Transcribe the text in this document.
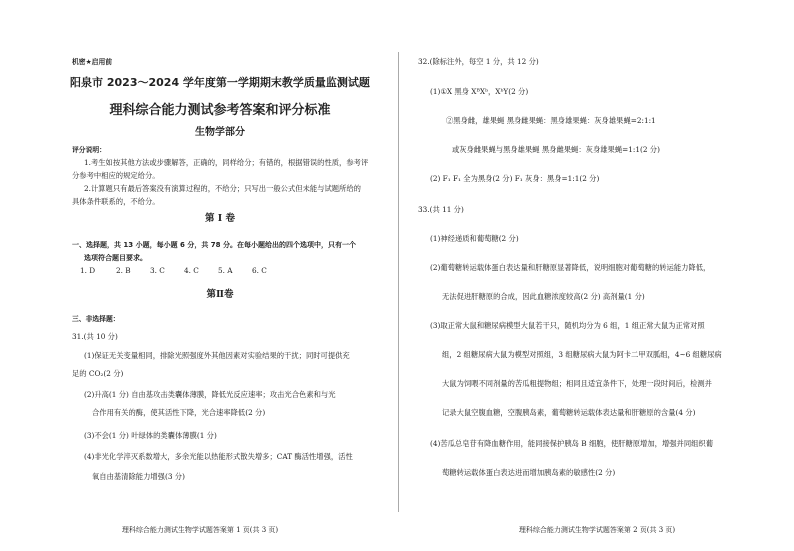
机密★启用前
阳泉市 2023～2024 学年度第一学期期末教学质量监测试题
理科综合能力测试参考答案和评分标准
生物学部分
评分说明：
1.考生如按其他方法或步骤解答，正确的，同样给分；有错的，根据错误的性质，参考评
分参考中相应的规定给分。
2.计算题只有最后答案没有演算过程的，不给分；只写出一般公式但未能与试题所给的
具体条件联系的，不给分。
第 Ⅰ 卷
一、选择题，共 13 小题，每小题 6 分，共 78 分。在每小题给出的四个选项中，只有一个
选项符合题目要求。
1. D	2. B	3. C	4. C	5. A	6. C
第Ⅱ卷
三、非选择题：
31.(共 10 分)
(1)保证无关变量相同，排除光照强度外其他因素对实验结果的干扰；同时可提供充
足的 CO₂(2 分)
(2)升高(1 分) 自由基攻击类囊体薄膜，降低光反应速率；攻击光合色素和与光
合作用有关的酶，使其活性下降，光合速率降低(2 分)
(3)不会(1 分) 叶绿体的类囊体薄膜(1 分)
(4)非光化学淬灭系数增大，多余光能以热能形式散失增多；CAT 酶活性增强，活性
氧自由基清除能力增强(3 分)
理科综合能力测试生物学试题答案第 1 页(共 3 页)
32.(除标注外，每空 1 分，共 12 分)
(1)①X 黑身 XᴮXᵇ，XᵇY(2 分)
②黑身雌，雄果蝇 黑身雌果蝇：黑身雄果蝇：灰身雄果蝇=2:1:1
或灰身雌果蝇与黑身雄果蝇 黑身雌果蝇：灰身雄果蝇=1:1(2 分)
(2) F₁ F₁ 全为黑身(2 分) F₁ 灰身：黑身=1:1(2 分)
33.(共 11 分)
(1)神经递质和葡萄糖(2 分)
(2)葡萄糖转运载体蛋白表达量和肝糖原显著降低，说明细胞对葡萄糖的转运能力降低，
无法促进肝糖原的合成，因此血糖浓度较高(2 分) 高剂量(1 分)
(3)取正常大鼠和糖尿病模型大鼠若干只，随机均分为 6 组，1 组正常大鼠为正常对照
组，2 组糖尿病大鼠为模型对照组，3 组糖尿病大鼠为阿卡二甲双胍组，4~6 组糖尿病
大鼠为饲喂不同剂量的苦瓜粗提物组；相同且适宜条件下，处理一段时间后，检测并
记录大鼠空腹血糖，空腹胰岛素，葡萄糖转运载体表达量和肝糖原的含量(4 分)
(4)苦瓜总皂苷有降血糖作用，能同接保护胰岛 B 细胞，使肝糖原增加，增强并同组织葡
萄糖转运载体蛋白表达进而增加胰岛素的敏感性(2 分)
理科综合能力测试生物学试题答案第 2 页(共 3 页)
